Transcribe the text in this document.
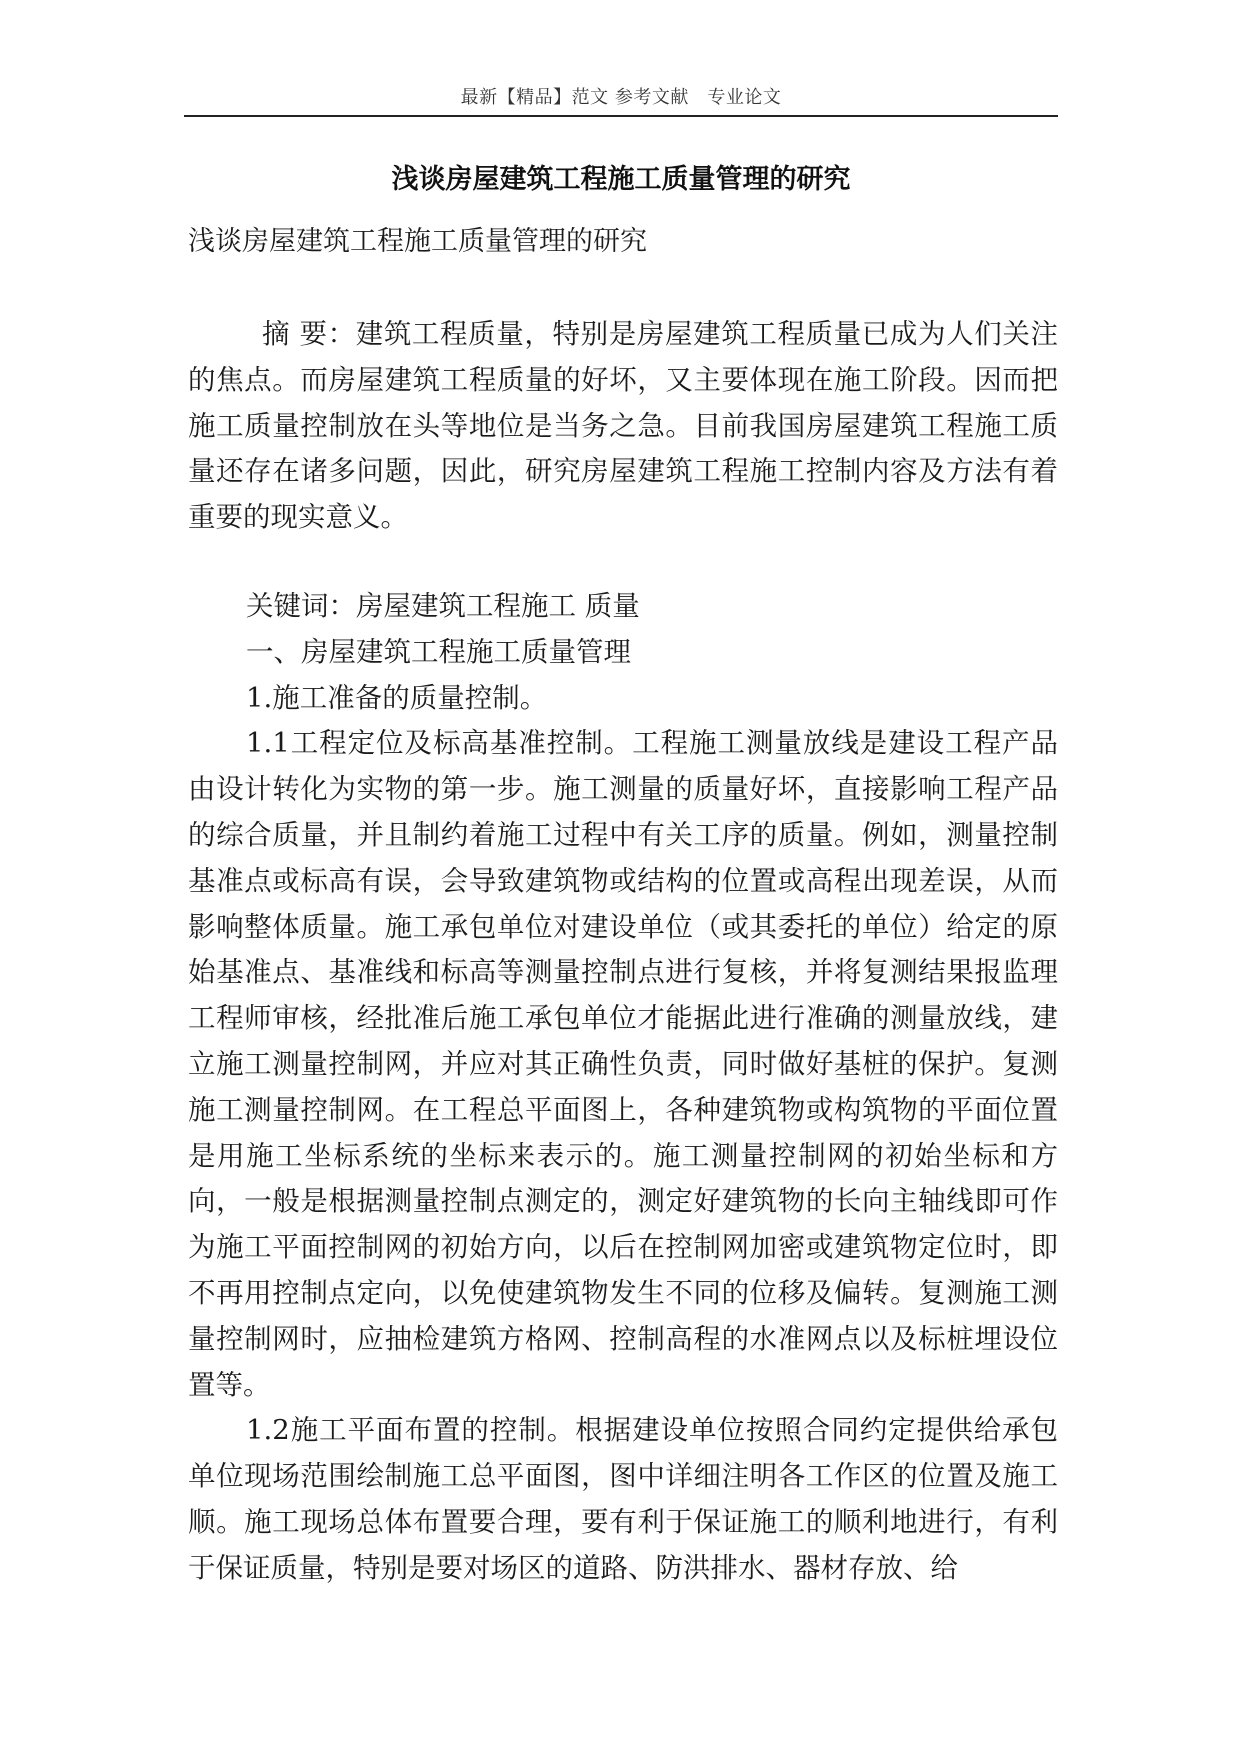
最新【精品】范文 参考文献　专业论文
浅谈房屋建筑工程施工质量管理的研究
浅谈房屋建筑工程施工质量管理的研究

摘 要：建筑工程质量，特别是房屋建筑工程质量已成为人们关注的焦点。而房屋建筑工程质量的好坏，又主要体现在施工阶段。因而把施工质量控制放在头等地位是当务之急。目前我国房屋建筑工程施工质量还存在诸多问题，因此，研究房屋建筑工程施工控制内容及方法有着重要的现实意义。

关键词：房屋建筑工程施工 质量

一、房屋建筑工程施工质量管理

1.施工准备的质量控制。

1.1工程定位及标高基准控制。工程施工测量放线是建设工程产品由设计转化为实物的第一步。施工测量的质量好坏，直接影响工程产品的综合质量，并且制约着施工过程中有关工序的质量。例如，测量控制基准点或标高有误，会导致建筑物或结构的位置或高程出现差误，从而影响整体质量。施工承包单位对建设单位（或其委托的单位）给定的原始基准点、基准线和标高等测量控制点进行复核，并将复测结果报监理工程师审核，经批准后施工承包单位才能据此进行准确的测量放线，建立施工测量控制网，并应对其正确性负责，同时做好基桩的保护。复测施工测量控制网。在工程总平面图上，各种建筑物或构筑物的平面位置是用施工坐标系统的坐标来表示的。施工测量控制网的初始坐标和方向，一般是根据测量控制点测定的，测定好建筑物的长向主轴线即可作为施工平面控制网的初始方向，以后在控制网加密或建筑物定位时，即不再用控制点定向，以免使建筑物发生不同的位移及偏转。复测施工测量控制网时，应抽检建筑方格网、控制高程的水准网点以及标桩埋设位置等。

1.2施工平面布置的控制。根据建设单位按照合同约定提供给承包单位现场范围绘制施工总平面图，图中详细注明各工作区的位置及施工顺。施工现场总体布置要合理，要有利于保证施工的顺利地进行，有利于保证质量，特别是要对场区的道路、防洪排水、器材存放、给
